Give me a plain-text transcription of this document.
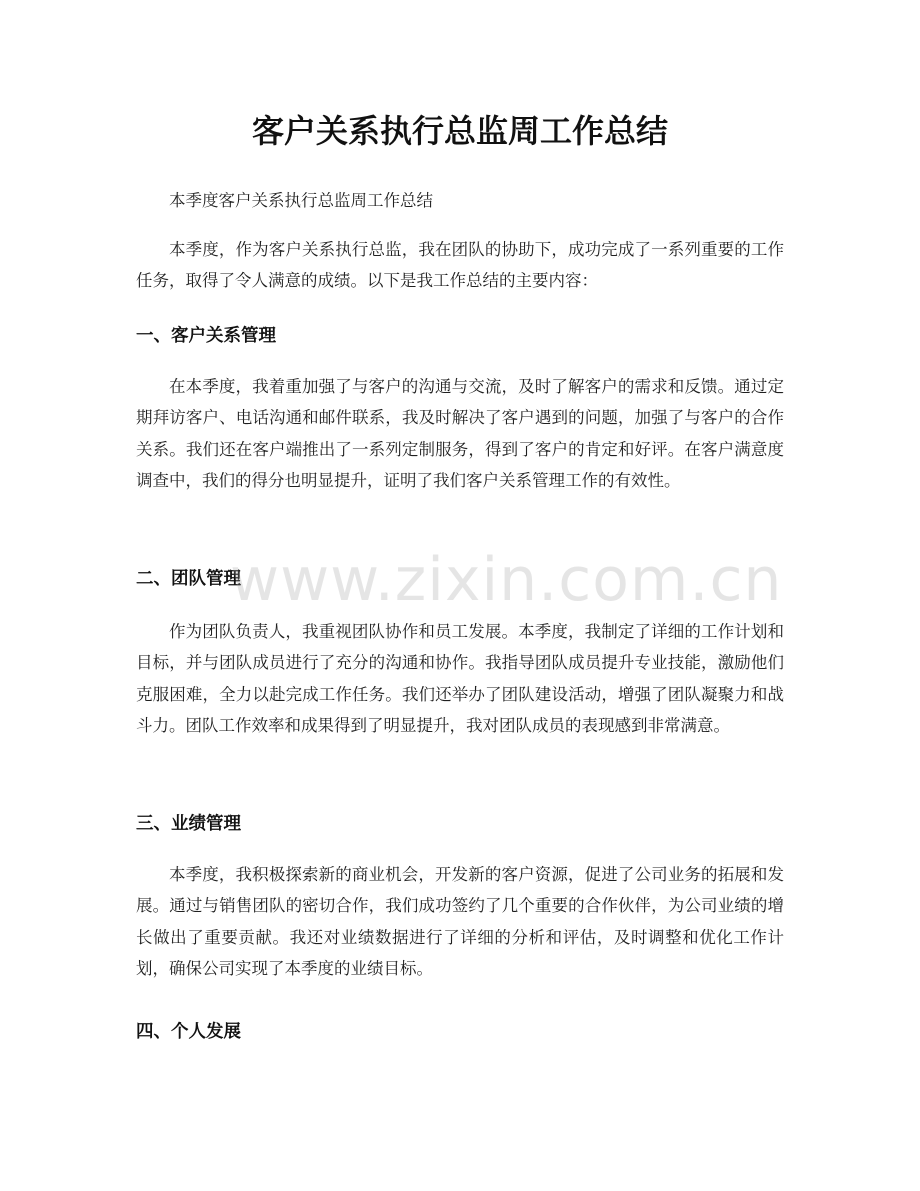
客户关系执行总监周工作总结

本季度客户关系执行总监周工作总结

本季度，作为客户关系执行总监，我在团队的协助下，成功完成了一系列重要的工作任务，取得了令人满意的成绩。以下是我工作总结的主要内容：

一、客户关系管理

在本季度，我着重加强了与客户的沟通与交流，及时了解客户的需求和反馈。通过定期拜访客户、电话沟通和邮件联系，我及时解决了客户遇到的问题，加强了与客户的合作关系。我们还在客户端推出了一系列定制服务，得到了客户的肯定和好评。在客户满意度调查中，我们的得分也明显提升，证明了我们客户关系管理工作的有效性。

二、团队管理

作为团队负责人，我重视团队协作和员工发展。本季度，我制定了详细的工作计划和目标，并与团队成员进行了充分的沟通和协作。我指导团队成员提升专业技能，激励他们克服困难，全力以赴完成工作任务。我们还举办了团队建设活动，增强了团队凝聚力和战斗力。团队工作效率和成果得到了明显提升，我对团队成员的表现感到非常满意。

三、业绩管理

本季度，我积极探索新的商业机会，开发新的客户资源，促进了公司业务的拓展和发展。通过与销售团队的密切合作，我们成功签约了几个重要的合作伙伴，为公司业绩的增长做出了重要贡献。我还对业绩数据进行了详细的分析和评估，及时调整和优化工作计划，确保公司实现了本季度的业绩目标。

四、个人发展
www.zixin.com.cn
